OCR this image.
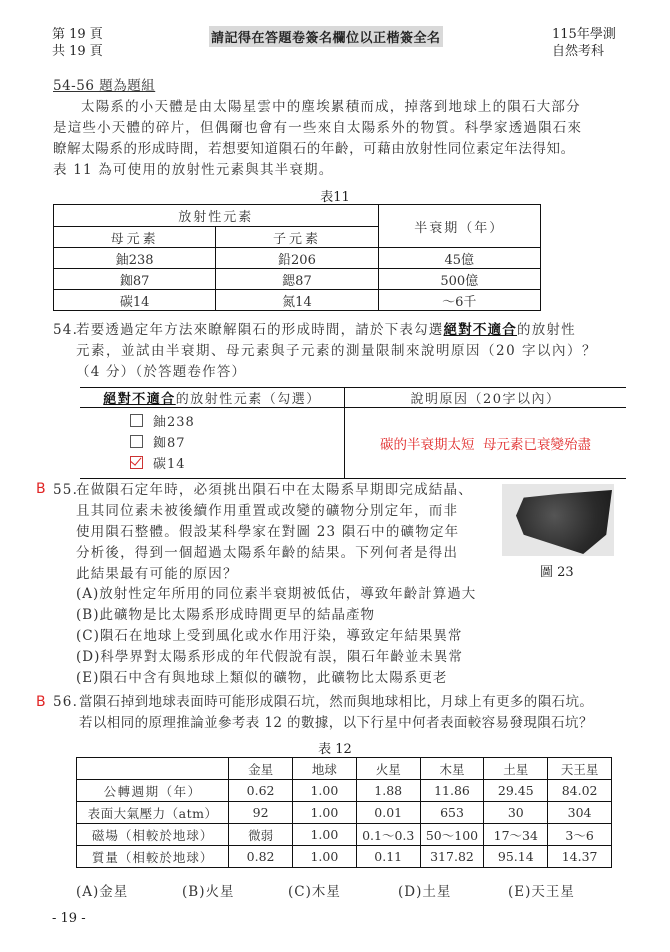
第 19 頁
共 19 頁
請記得在答題卷簽名欄位以正楷簽全名	115年學測
自然考科
54-56 題為題組
太陽系的小天體是由太陽星雲中的塵埃累積而成，掉落到地球上的隕石大部分
是這些小天體的碎片，但偶爾也會有一些來自太陽系外的物質。科學家透過隕石來
瞭解太陽系的形成時間，若想要知道隕石的年齡，可藉由放射性同位素定年法得知。
表 11 為可使用的放射性元素與其半衰期。
表11
放射性元素		半衰期（年）
母元素	子元素	
鈾238	鉛206	45億
銣87	鍶87	500億
碳14	氮14	～6千
54.
若要透過定年方法來瞭解隕石的形成時間，請於下表勾選絕對不適合的放射性
元素，並試由半衰期、母元素與子元素的測量限制來說明原因（20 字以內）？
（4 分）（於答題卷作答）
絕對不適合的放射性元素（勾選）	說明原因（20字以內）

鈾238
銣87
碳14	碳的半衰期太短  母元素已衰變殆盡
B 55.
在做隕石定年時，必須挑出隕石中在太陽系早期即完成結晶、
且其同位素未被後續作用重置或改變的礦物分別定年，而非
使用隕石整體。假設某科學家在對圖 23 隕石中的礦物定年
分析後，得到一個超過太陽系年齡的結果。下列何者是得出
此結果最有可能的原因？	圖 23
(A)放射性定年所用的同位素半衰期被低估，導致年齡計算過大
(B)此礦物是比太陽系形成時間更早的結晶產物
(C)隕石在地球上受到風化或水作用汙染，導致定年結果異常
(D)科學界對太陽系形成的年代假說有誤，隕石年齡並未異常
(E)隕石中含有與地球上類似的礦物，此礦物比太陽系更老
B 56. 當隕石掉到地球表面時可能形成隕石坑，然而與地球相比，月球上有更多的隕石坑。
若以相同的原理推論並參考表 12 的數據，以下行星中何者表面較容易發現隕石坑？
表 12
	金星	地球	火星	木星	土星	天王星
公轉週期（年）	0.62	1.00	1.88	11.86	29.45	84.02
表面大氣壓力（atm）	92	1.00	0.01	653	30	304
磁場（相較於地球）	微弱	1.00	0.1～0.3	50～100	17～34	3～6
質量（相較於地球）	0.82	1.00	0.11	317.82	95.14	14.37
(A)金星	(B)火星	(C)木星	(D)土星	(E)天王星
- 19 -
